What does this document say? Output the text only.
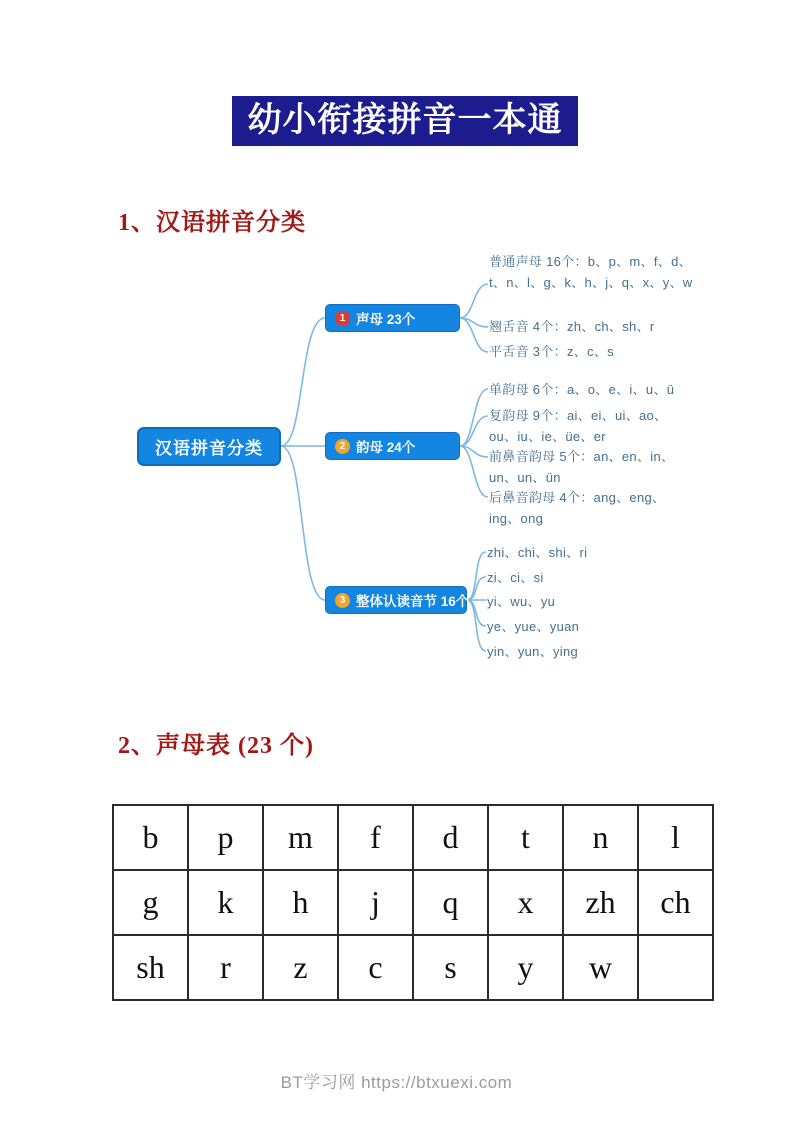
幼小衔接拼音一本通
1、汉语拼音分类
汉语拼音分类
1 声母 23个
2 韵母 24个
3 整体认读音节 16个
普通声母 16个：b、p、m、f、d、t、n、l、g、k、h、j、q、x、y、w
翘舌音 4个：zh、ch、sh、r
平舌音 3个：z、c、s
单韵母 6个：a、o、e、i、u、ü
复韵母 9个：ai、ei、ui、ao、ou、iu、ie、üe、er
前鼻音韵母 5个：an、en、in、un、un、ün
后鼻音韵母 4个：ang、eng、ing、ong
zhi、chi、shi、ri
zi、ci、si
yi、wu、yu
ye、yue、yuan
yin、yun、ying
2、声母表 (23 个)
b	p	m	f	d	t	n	l
g	k	h	j	q	x	zh	ch
sh	r	z	c	s	y	w	
BT学习网 https://btxuexi.com
